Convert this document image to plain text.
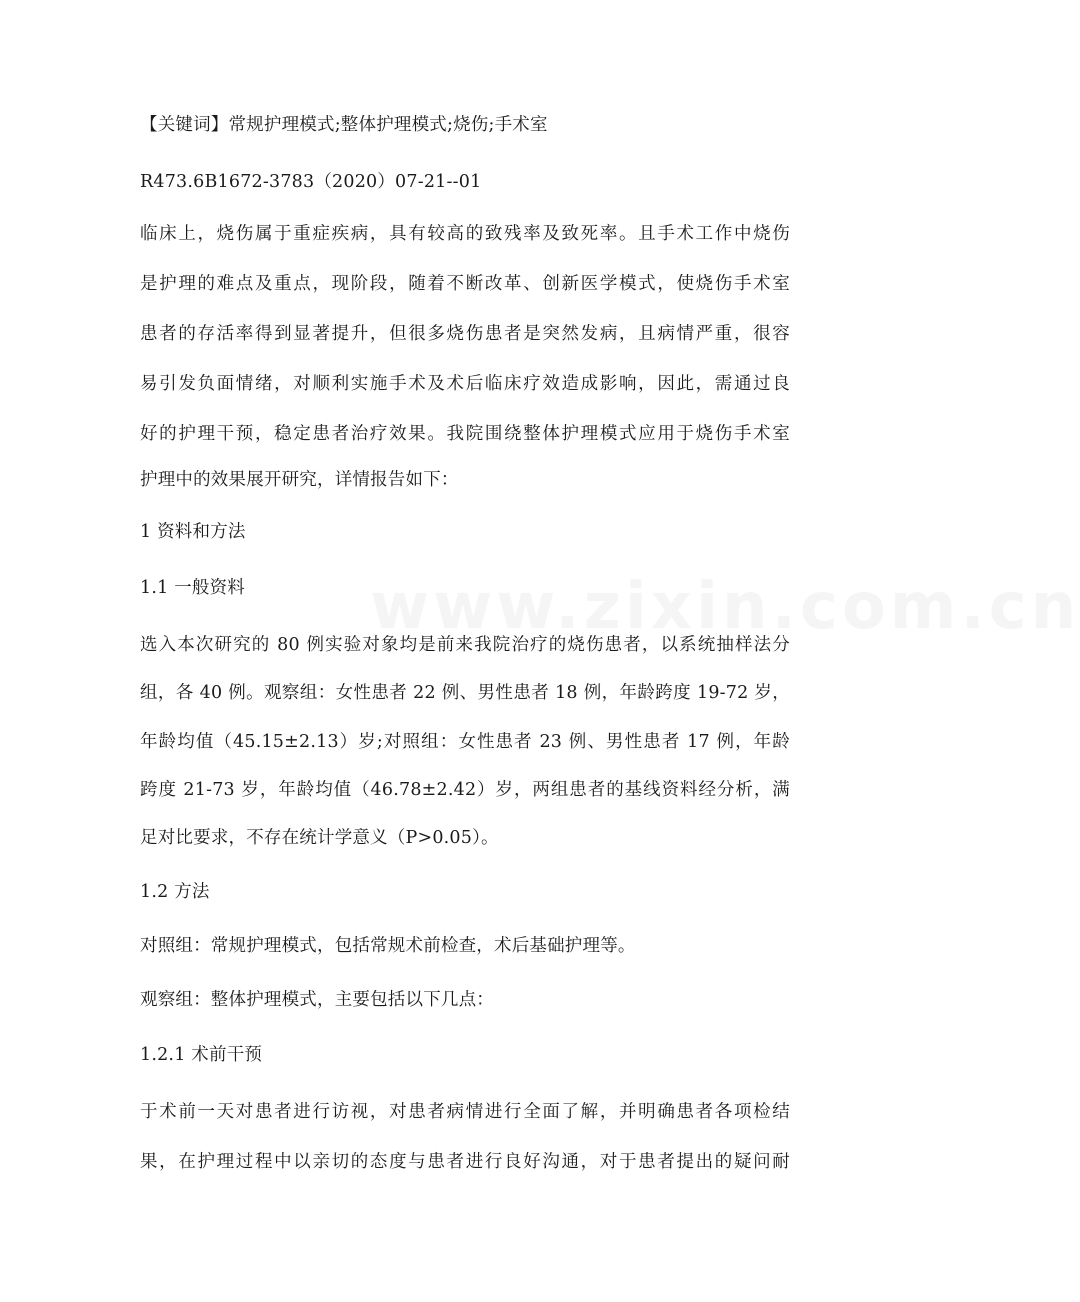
www.zixin.com.cn
【关键词】常规护理模式;整体护理模式;烧伤;手术室
R473.6B1672-3783（2020）07-21--01
临床上，烧伤属于重症疾病，具有较高的致残率及致死率。且手术工作中烧伤
是护理的难点及重点，现阶段，随着不断改革、创新医学模式，使烧伤手术室
患者的存活率得到显著提升，但很多烧伤患者是突然发病，且病情严重，很容
易引发负面情绪，对顺利实施手术及术后临床疗效造成影响，因此，需通过良
好的护理干预，稳定患者治疗效果。我院围绕整体护理模式应用于烧伤手术室
护理中的效果展开研究，详情报告如下：
1 资料和方法
1.1 一般资料
选入本次研究的 80 例实验对象均是前来我院治疗的烧伤患者，以系统抽样法分
组，各 40 例。观察组：女性患者 22 例、男性患者 18 例，年龄跨度 19-72 岁，
年龄均值（45.15±2.13）岁;对照组：女性患者 23 例、男性患者 17 例，年龄
跨度 21-73 岁，年龄均值（46.78±2.42）岁，两组患者的基线资料经分析，满
足对比要求，不存在统计学意义（P>0.05）。
1.2 方法
对照组：常规护理模式，包括常规术前检查，术后基础护理等。
观察组：整体护理模式，主要包括以下几点：
1.2.1 术前干预
于术前一天对患者进行访视，对患者病情进行全面了解，并明确患者各项检结
果，在护理过程中以亲切的态度与患者进行良好沟通，对于患者提出的疑问耐
